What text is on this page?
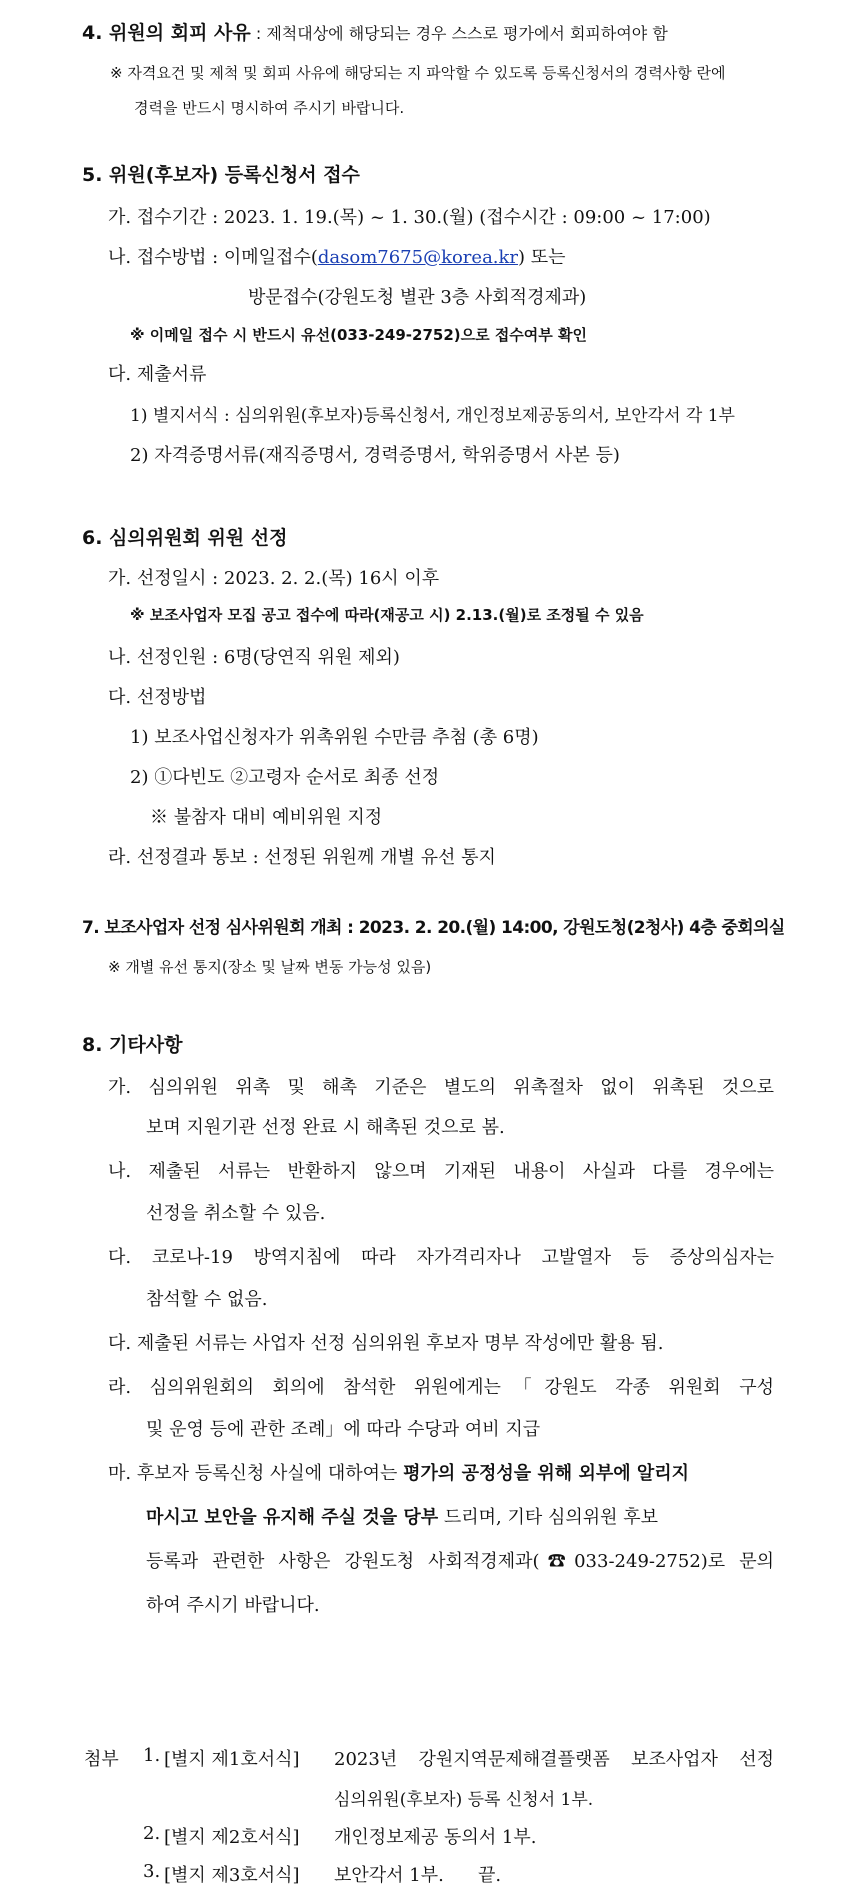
4. 위원의 회피 사유 : 제척대상에 해당되는 경우 스스로 평가에서 회피하여야 함
※ 자격요건 및 제척 및 회피 사유에 해당되는 지 파악할 수 있도록 등록신청서의 경력사항 란에
경력을 반드시 명시하여 주시기 바랍니다.
5. 위원(후보자) 등록신청서 접수
가. 접수기간 : 2023. 1. 19.(목) ~ 1. 30.(월) (접수시간 : 09:00 ~ 17:00)
나. 접수방법 : 이메일접수(dasom7675@korea.kr) 또는
방문접수(강원도청 별관 3층 사회적경제과)
※ 이메일 접수 시 반드시 유선(033-249-2752)으로 접수여부 확인
다. 제출서류
1) 별지서식 : 심의위원(후보자)등록신청서, 개인정보제공동의서, 보안각서 각 1부
2) 자격증명서류(재직증명서, 경력증명서, 학위증명서 사본 등)
6. 심의위원회 위원 선정
가. 선정일시 : 2023. 2. 2.(목) 16시 이후
※ 보조사업자 모집 공고 접수에 따라(재공고 시) 2.13.(월)로 조정될 수 있음
나. 선정인원 : 6명(당연직 위원 제외)
다. 선정방법
1) 보조사업신청자가 위촉위원 수만큼 추첨 (총 6명)
2) ①다빈도 ②고령자 순서로 최종 선정
※ 불참자 대비 예비위원 지정
라. 선정결과 통보 : 선정된 위원께 개별 유선 통지
7. 보조사업자 선정 심사위원회 개최 : 2023. 2. 20.(월) 14:00, 강원도청(2청사) 4층 중회의실
※ 개별 유선 통지(장소 및 날짜 변동 가능성 있음)
8. 기타사항
가. 심의위원 위촉 및 해촉 기준은 별도의 위촉절차 없이 위촉된 것으로
보며 지원기관 선정 완료 시 해촉된 것으로 봄.
나. 제출된 서류는 반환하지 않으며 기재된 내용이 사실과 다를 경우에는
선정을 취소할 수 있음.
다. 코로나-19 방역지침에 따라 자가격리자나 고발열자 등 증상의심자는
참석할 수 없음.
다. 제출된 서류는 사업자 선정 심의위원 후보자 명부 작성에만 활용 됨.
라. 심의위원회의 회의에 참석한 위원에게는「강원도 각종 위원회 구성
및 운영 등에 관한 조례」에 따라 수당과 여비 지급
마. 후보자 등록신청 사실에 대하여는 평가의 공정성을 위해 외부에 알리지
마시고 보안을 유지해 주실 것을 당부 드리며, 기타 심의위원 후보
등록과 관련한 사항은 강원도청 사회적경제과(☎033-249-2752)로 문의
하여 주시기 바랍니다.
첨부 1. [별지 제1호서식] 2023년 강원지역문제해결플랫폼 보조사업자 선정
심의위원(후보자) 등록 신청서 1부.
2. [별지 제2호서식] 개인정보제공 동의서 1부.
3. [별지 제3호서식] 보안각서 1부. 끝.
